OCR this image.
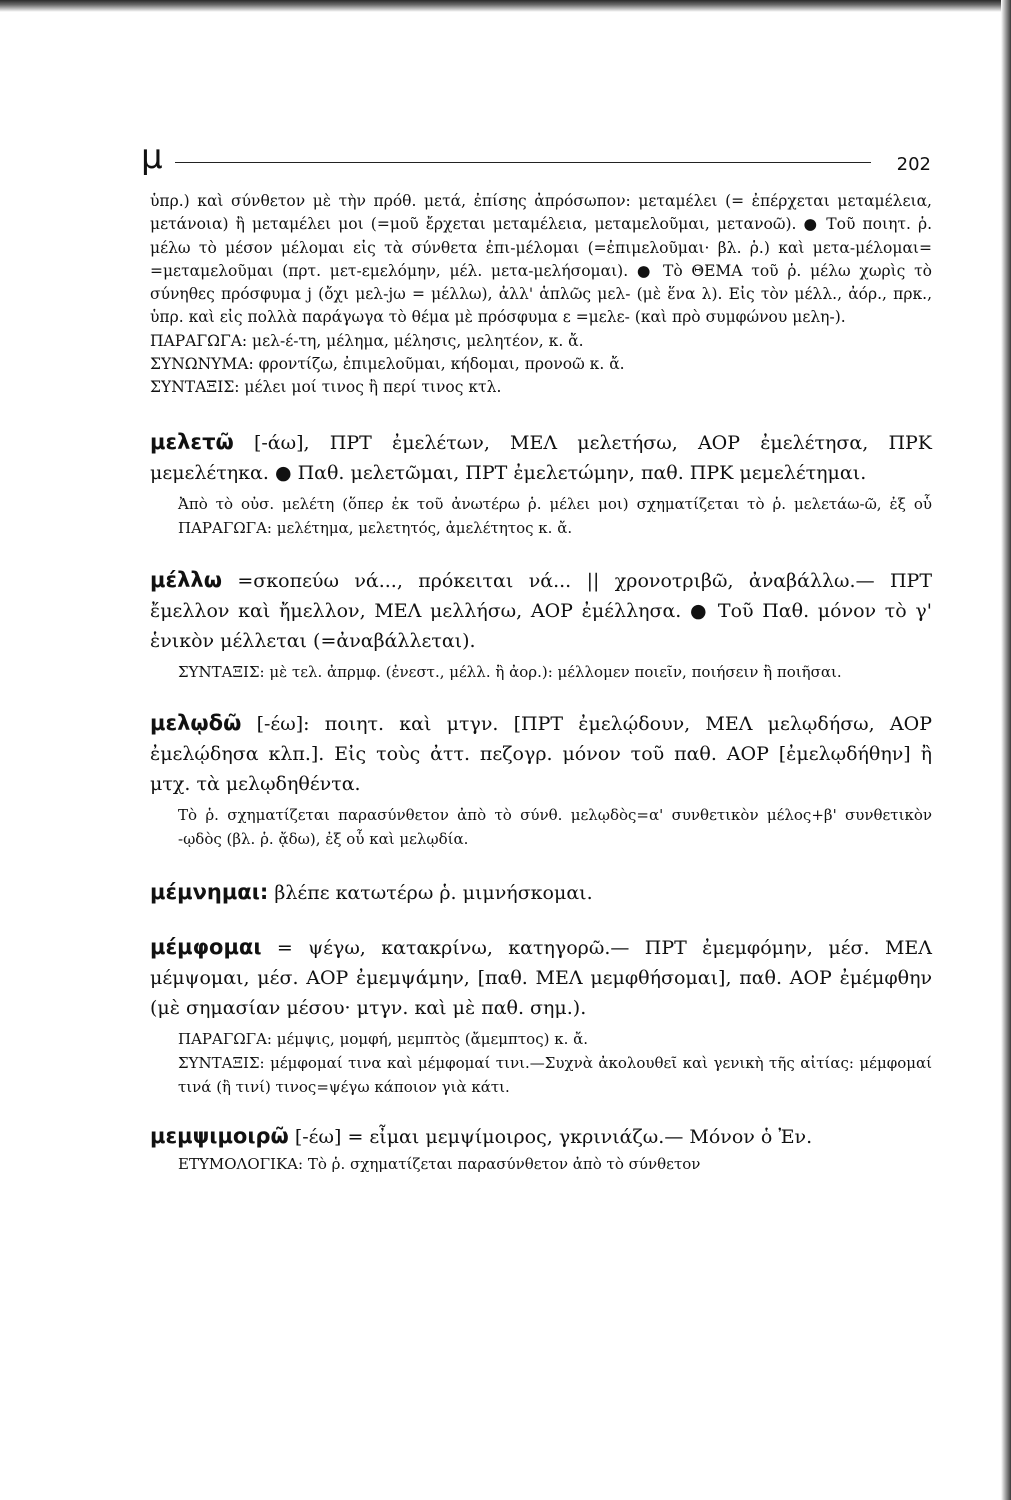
μ	202

ὑπρ.) καὶ σύνθετον μὲ τὴν πρόθ. μετά, ἐπίσης ἀπρόσωπον: μεταμέλει (= ἐπέρχεται μεταμέλεια, μετάνοια) ἢ μεταμέλει μοι (=μοῦ ἔρχεται μεταμέλεια, μεταμελοῦμαι, μετανοῶ). ● Τοῦ ποιητ. ῥ. μέλω τὸ μέσον μέλομαι εἰς τὰ σύνθετα ἐπι-μέλομαι (=ἐπιμελοῦμαι· βλ. ῥ.) καὶ μετα-μέλομαι= =μεταμελοῦμαι (πρτ. μετ-εμελόμην, μέλ. μετα-μελήσομαι). ● Τὸ ΘΕΜΑ τοῦ ῥ. μέλω χωρὶς τὸ σύνηθες πρόσφυμα j (ὄχι μελ-jω = μέλλω), ἀλλ' ἁπλῶς μελ- (μὲ ἕνα λ). Εἰς τὸν μέλλ., ἀόρ., πρκ., ὑπρ. καὶ εἰς πολλὰ παράγωγα τὸ θέμα μὲ πρόσφυμα ε =μελε- (καὶ πρὸ συμφώνου μελη-).

ΠΑΡΑΓΩΓΑ: μελ-έ-τη, μέλημα, μέλησις, μελητέον, κ. ἄ.

ΣΥΝΩΝΥΜΑ: φροντίζω, ἐπιμελοῦμαι, κήδομαι, προνοῶ κ. ἄ.

ΣΥΝΤΑΞΙΣ: μέλει μοί τινος ἢ περί τινος κτλ.

μελετῶ [-άω], ΠΡΤ ἐμελέτων, ΜΕΛ μελετήσω, ΑΟΡ ἐμελέτησα, ΠΡΚ μεμελέτηκα. ● Παθ. μελετῶμαι, ΠΡΤ ἐμελετώμην, παθ. ΠΡΚ μεμελέτημαι.

Ἀπὸ τὸ οὐσ. μελέτη (ὅπερ ἐκ τοῦ ἀνωτέρω ῥ. μέλει μοι) σχηματίζεται τὸ ῥ. μελετάω-ῶ, ἐξ οὗ ΠΑΡΑΓΩΓΑ: μελέτημα, μελετητός, ἀμελέτητος κ. ἄ.

μέλλω =σκοπεύω νά..., πρόκειται νά... || χρονοτριβῶ, ἀναβάλλω.— ΠΡΤ ἔμελλον καὶ ἤμελλον, ΜΕΛ μελλήσω, ΑΟΡ ἐμέλλησα. ● Τοῦ Παθ. μόνον τὸ γ' ἑνικὸν μέλλεται (=ἀναβάλλεται).

ΣΥΝΤΑΞΙΣ: μὲ τελ. ἀπρμφ. (ἐνεστ., μέλλ. ἢ ἀορ.): μέλλομεν ποιεῖν, ποιήσειν ἢ ποιῆσαι.

μελῳδῶ [-έω]: ποιητ. καὶ μτγν. [ΠΡΤ ἐμελῴδουν, ΜΕΛ μελῳδήσω, ΑΟΡ ἐμελῴδησα κλπ.]. Εἰς τοὺς ἀττ. πεζογρ. μόνον τοῦ παθ. ΑΟΡ [ἐμελῳδήθην] ἢ μτχ. τὰ μελῳδηθέντα.

Τὸ ῥ. σχηματίζεται παρασύνθετον ἀπὸ τὸ σύνθ. μελῳδὸς=α' συνθετικὸν μέλος+β' συνθετικὸν -ῳδὸς (βλ. ῥ. ᾄδω), ἐξ οὗ καὶ μελῳδία.

μέμνημαι: βλέπε κατωτέρω ῥ. μιμνήσκομαι.

μέμφομαι = ψέγω, κατακρίνω, κατηγορῶ.— ΠΡΤ ἐμεμφόμην, μέσ. ΜΕΛ μέμψομαι, μέσ. ΑΟΡ ἐμεμψάμην, [παθ. ΜΕΛ μεμφθήσομαι], παθ. ΑΟΡ ἐμέμφθην (μὲ σημασίαν μέσου· μτγν. καὶ μὲ παθ. σημ.).

ΠΑΡΑΓΩΓΑ: μέμψις, μομφή, μεμπτὸς (ἄμεμπτος) κ. ἄ.

ΣΥΝΤΑΞΙΣ: μέμφομαί τινα καὶ μέμφομαί τινι.—Συχνὰ ἀκολουθεῖ καὶ γενικὴ τῆς αἰτίας: μέμφομαί τινά (ἢ τινί) τινος=ψέγω κάποιον γιὰ κάτι.

μεμψιμοιρῶ [-έω] = εἶμαι μεμψίμοιρος, γκρινιάζω.— Μόνον ὁ Ἐν.

ΕΤΥΜΟΛΟΓΙΚΑ: Τὸ ῥ. σχηματίζεται παρασύνθετον ἀπὸ τὸ σύνθετον
